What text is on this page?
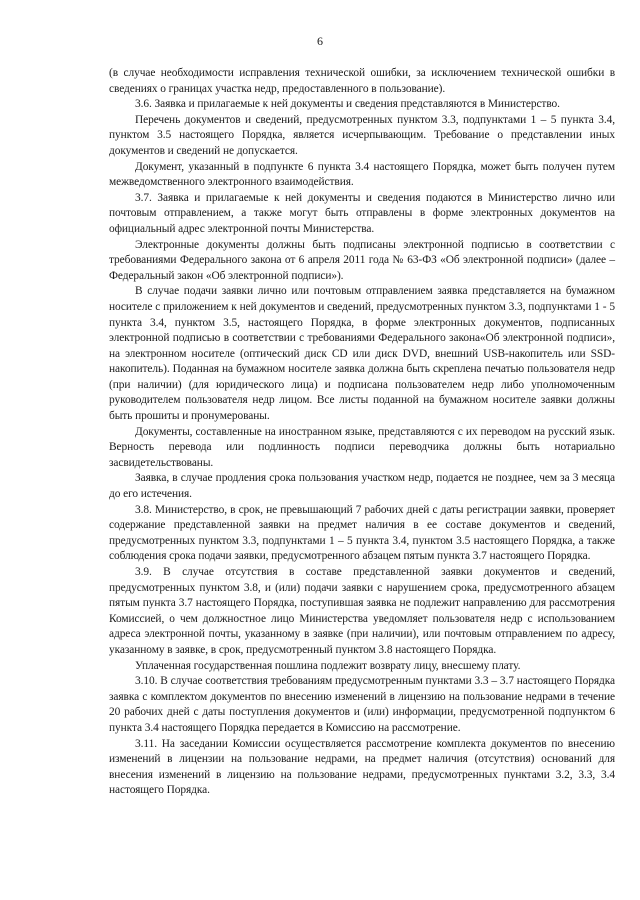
6

(в случае необходимости исправления технической ошибки, за исключением технической ошибки в сведениях о границах участка недр, предоставленного в пользование).

3.6. Заявка и прилагаемые к ней документы и сведения представляются в Министерство.

Перечень документов и сведений, предусмотренных пунктом 3.3, подпунктами 1 – 5 пункта 3.4, пунктом 3.5 настоящего Порядка, является исчерпывающим. Требование о представлении иных документов и сведений не допускается.

Документ, указанный в подпункте 6 пункта 3.4 настоящего Порядка, может быть получен путем межведомственного электронного взаимодействия.

3.7. Заявка и прилагаемые к ней документы и сведения подаются в Министерство лично или почтовым отправлением, а также могут быть отправлены в форме электронных документов на официальный адрес электронной почты Министерства.

Электронные документы должны быть подписаны электронной подписью в соответствии с требованиями Федерального закона от 6 апреля 2011 года № 63-ФЗ «Об электронной подписи» (далее – Федеральный закон «Об электронной подписи»).

В случае подачи заявки лично или почтовым отправлением заявка представляется на бумажном носителе с приложением к ней документов и сведений, предусмотренных пунктом 3.3, подпунктами 1 - 5 пункта 3.4, пунктом 3.5, настоящего Порядка, в форме электронных документов, подписанных электронной подписью в соответствии с требованиями Федерального закона«Об электронной подписи», на электронном носителе (оптический диск CD или диск DVD, внешний USB-накопитель или SSD-накопитель). Поданная на бумажном носителе заявка должна быть скреплена печатью пользователя недр (при наличии) (для юридического лица) и подписана пользователем недр либо уполномоченным руководителем пользователя недр лицом. Все листы поданной на бумажном носителе заявки должны быть прошиты и пронумерованы.

Документы, составленные на иностранном языке, представляются с их переводом на русский язык. Верность перевода или подлинность подписи переводчика должны быть нотариально засвидетельствованы.

Заявка, в случае продления срока пользования участком недр, подается не позднее, чем за 3 месяца до его истечения.

3.8. Министерство, в срок, не превышающий 7 рабочих дней с даты регистрации заявки, проверяет содержание представленной заявки на предмет наличия в ее составе документов и сведений, предусмотренных пунктом 3.3, подпунктами 1 – 5 пункта 3.4, пунктом 3.5 настоящего Порядка, а также соблюдения срока подачи заявки, предусмотренного абзацем пятым пункта 3.7 настоящего Порядка.

3.9. В случае отсутствия в составе представленной заявки документов и сведений, предусмотренных пунктом 3.8, и (или) подачи заявки с нарушением срока, предусмотренного абзацем пятым пункта 3.7 настоящего Порядка, поступившая заявка не подлежит направлению для рассмотрения Комиссией, о чем должностное лицо Министерства уведомляет пользователя недр с использованием адреса электронной почты, указанному в заявке (при наличии), или почтовым отправлением по адресу, указанному в заявке, в срок, предусмотренный пунктом 3.8 настоящего Порядка.

Уплаченная государственная пошлина подлежит возврату лицу, внесшему плату.

3.10. В случае соответствия требованиям предусмотренным пунктами 3.3 – 3.7 настоящего Порядка заявка с комплектом документов по внесению изменений в лицензию на пользование недрами в течение 20 рабочих дней с даты поступления документов и (или) информации, предусмотренной подпунктом 6 пункта 3.4 настоящего Порядка передается в Комиссию на рассмотрение.

3.11. На заседании Комиссии осуществляется рассмотрение комплекта документов по внесению изменений в лицензии на пользование недрами, на предмет наличия (отсутствия) оснований для внесения изменений в лицензию на пользование недрами, предусмотренных пунктами 3.2, 3.3, 3.4 настоящего Порядка.
